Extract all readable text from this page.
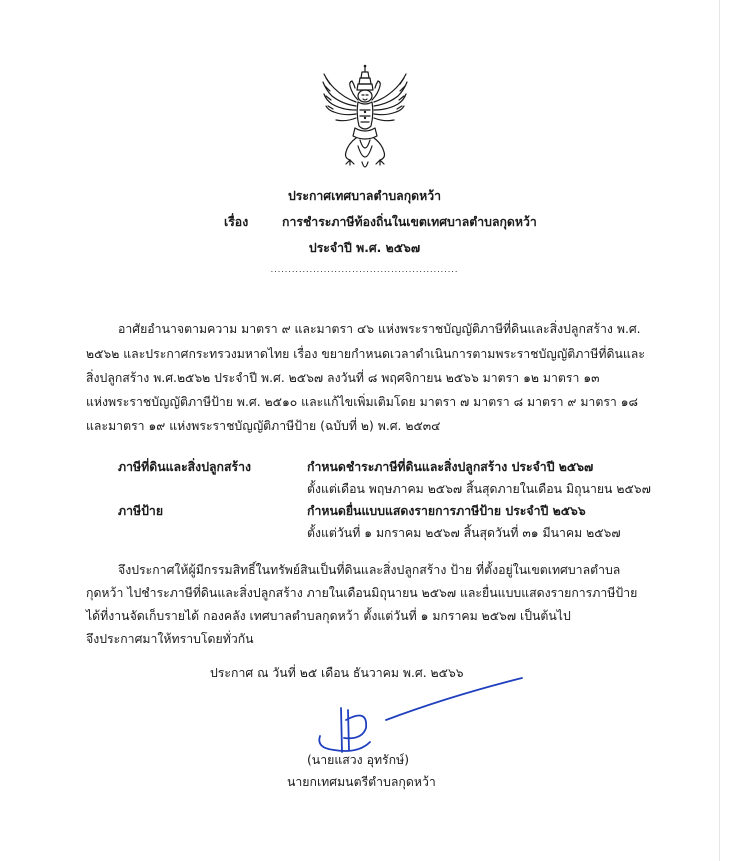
ประกาศเทศบาลตำบลกุดหว้า
เรื่อง	การชำระภาษีท้องถิ่นในเขตเทศบาลตำบลกุดหว้า
ประจำปี พ.ศ. ๒๕๖๗
.....................................................
อาศัยอำนาจตามความ มาตรา ๙ และมาตรา ๔๖ แห่งพระราชบัญญัติภาษีที่ดินและสิ่งปลูกสร้าง พ.ศ.
๒๕๖๒ และประกาศกระทรวงมหาดไทย เรื่อง ขยายกำหนดเวลาดำเนินการตามพระราชบัญญัติภาษีที่ดินและ
สิ่งปลูกสร้าง พ.ศ.๒๕๖๒ ประจำปี พ.ศ. ๒๕๖๗ ลงวันที่ ๘ พฤศจิกายน ๒๕๖๖ มาตรา ๑๒ มาตรา ๑๓
แห่งพระราชบัญญัติภาษีป้าย พ.ศ. ๒๕๑๐ และแก้ไขเพิ่มเติมโดย มาตรา ๗ มาตรา ๘ มาตรา ๙ มาตรา ๑๘
และมาตรา ๑๙ แห่งพระราชบัญญัติภาษีป้าย (ฉบับที่ ๒) พ.ศ. ๒๕๓๔
ภาษีที่ดินและสิ่งปลูกสร้าง	กำหนดชำระภาษีที่ดินและสิ่งปลูกสร้าง ประจำปี ๒๕๖๗
ตั้งแต่เดือน พฤษภาคม ๒๕๖๗ สิ้นสุดภายในเดือน มิถุนายน ๒๕๖๗
ภาษีป้าย	กำหนดยื่นแบบแสดงรายการภาษีป้าย ประจำปี ๒๕๖๖
ตั้งแต่วันที่ ๑ มกราคม ๒๕๖๗ สิ้นสุดวันที่ ๓๑ มีนาคม ๒๕๖๗
จึงประกาศให้ผู้มีกรรมสิทธิ์ในทรัพย์สินเป็นที่ดินและสิ่งปลูกสร้าง ป้าย ที่ตั้งอยู่ในเขตเทศบาลตำบล
กุดหว้า ไปชำระภาษีที่ดินและสิ่งปลูกสร้าง ภายในเดือนมิถุนายน ๒๕๖๗ และยื่นแบบแสดงรายการภาษีป้าย
ได้ที่งานจัดเก็บรายได้ กองคลัง เทศบาลตำบลกุดหว้า ตั้งแต่วันที่ ๑ มกราคม ๒๕๖๗ เป็นต้นไป
จึงประกาศมาให้ทราบโดยทั่วกัน
ประกาศ ณ วันที่ ๒๕ เดือน ธันวาคม พ.ศ. ๒๕๖๖
(นายแสวง อุทรักษ์)
นายกเทศมนตรีตำบลกุดหว้า
